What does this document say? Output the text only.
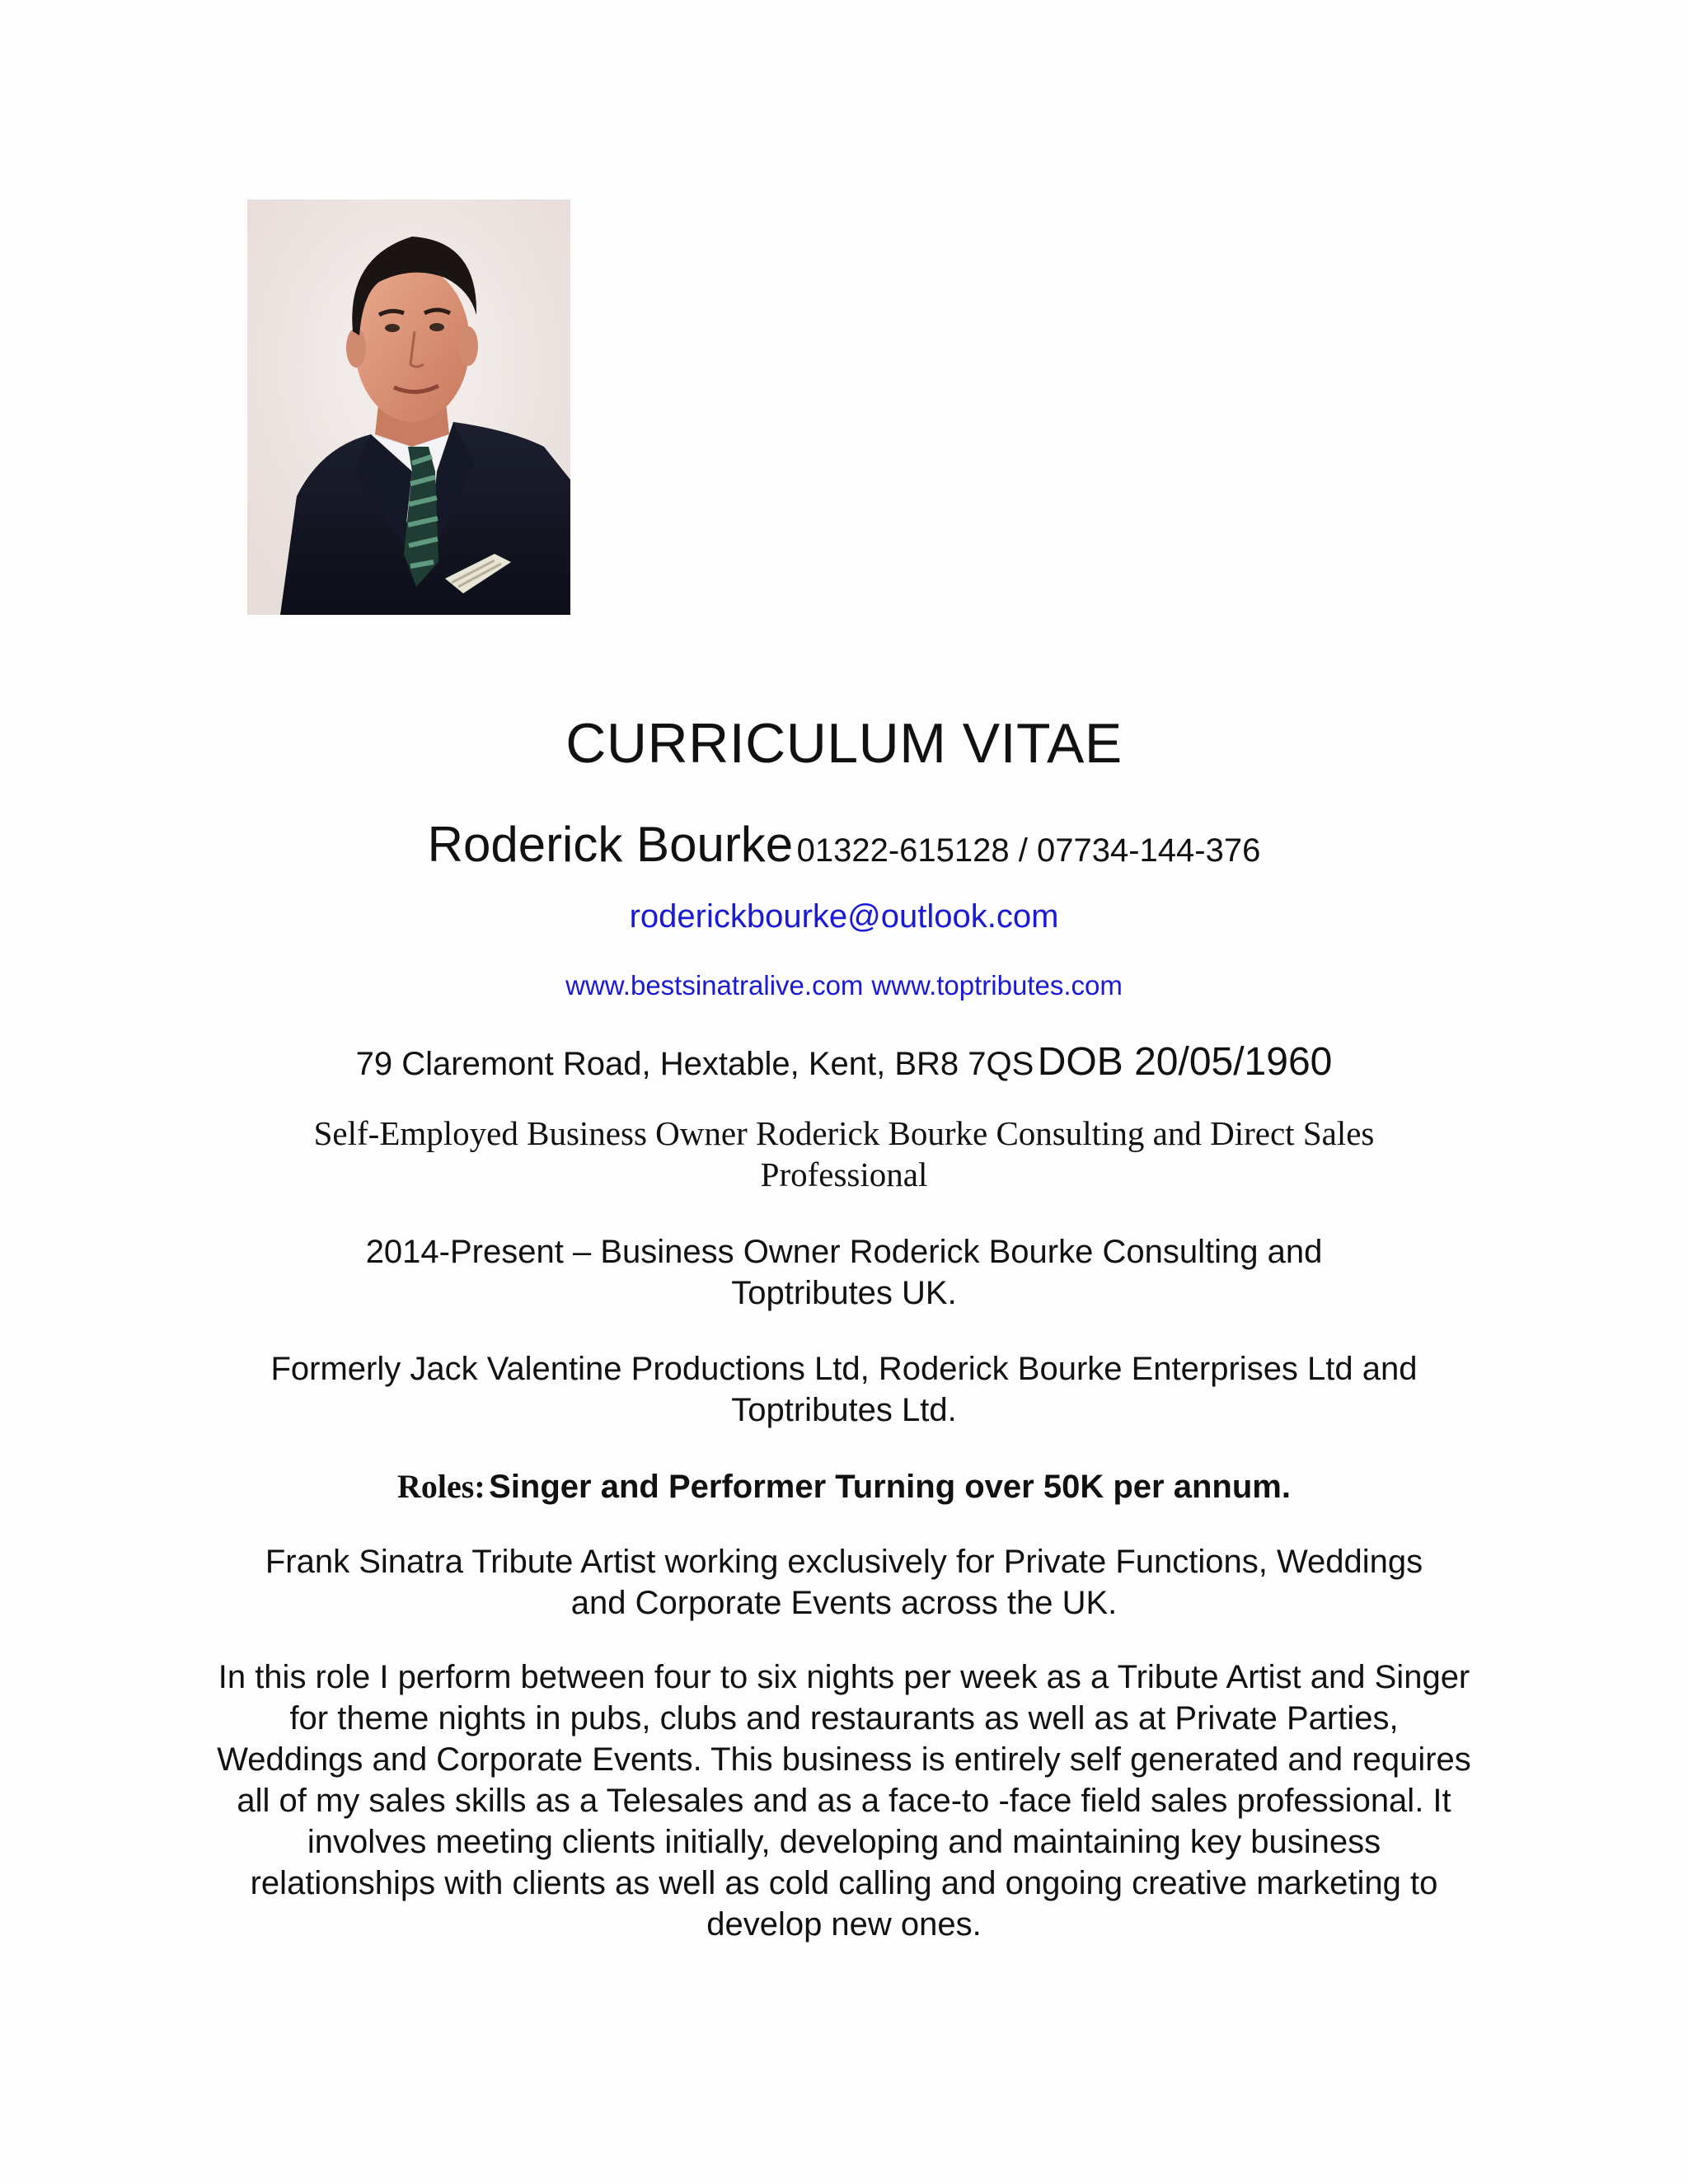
CURRICULUM VITAE
Roderick Bourke 01322-615128 / 07734-144-376
roderickbourke@outlook.com
www.bestsinatralive.com www.toptributes.com
79 Claremont Road, Hextable, Kent, BR8 7QS DOB 20/05/1960
Self-Employed Business Owner Roderick Bourke Consulting and Direct Sales Professional
2014-Present – Business Owner Roderick Bourke Consulting and Toptributes UK.
Formerly Jack Valentine Productions Ltd, Roderick Bourke Enterprises Ltd and Toptributes Ltd.
Roles: Singer and Performer Turning over 50K per annum.
Frank Sinatra Tribute Artist working exclusively for Private Functions, Weddings and Corporate Events across the UK.
In this role I perform between four to six nights per week as a Tribute Artist and Singer for theme nights in pubs, clubs and restaurants as well as at Private Parties, Weddings and Corporate Events. This business is entirely self generated and requires all of my sales skills as a Telesales and as a face-to -face field sales professional. It involves meeting clients initially, developing and maintaining key business relationships with clients as well as cold calling and ongoing creative marketing to develop new ones.
